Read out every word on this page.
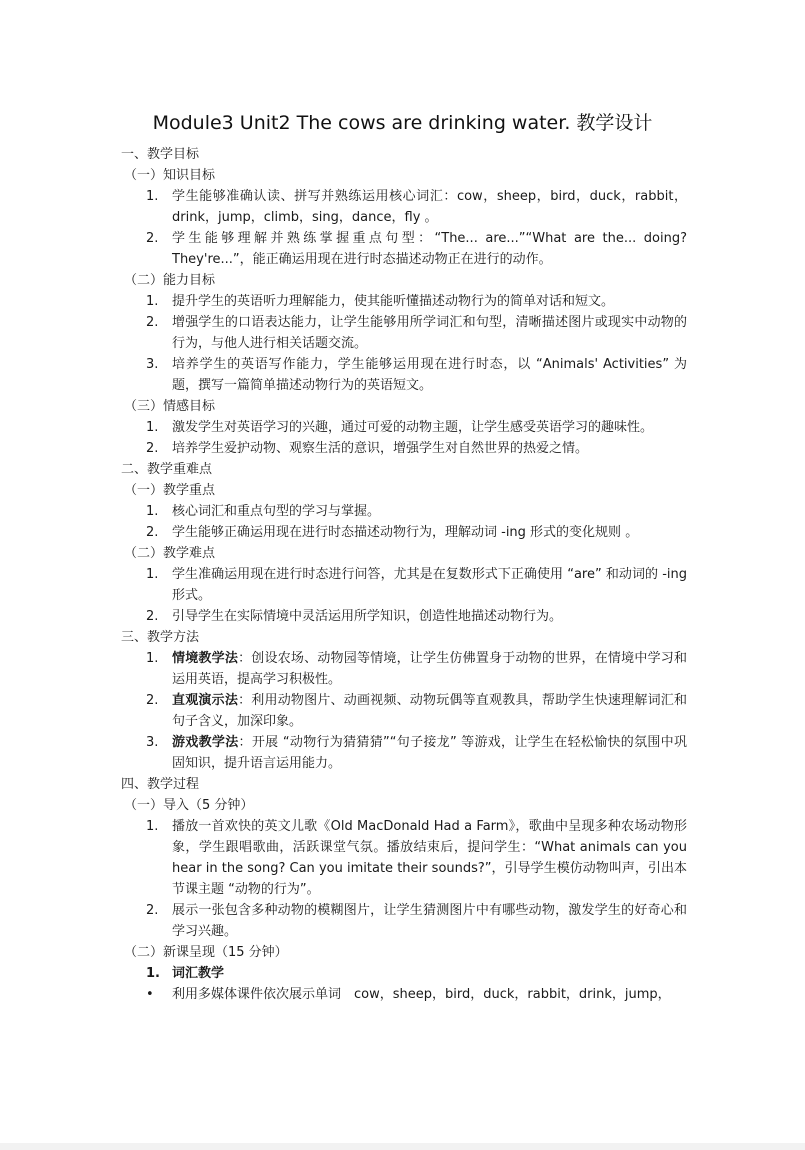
Module3 Unit2 The cows are drinking water. 教学设计
一、教学目标
（一）知识目标
1.	学生能够准确认读、拼写并熟练运用核心词汇：cow，sheep，bird，duck，rabbit，drink，jump，climb，sing，dance，fly 。
2.	学生能够理解并熟练掌握重点句型：“The... are...”“What are the... doing? They're...”，能正确运用现在进行时态描述动物正在进行的动作。
（二）能力目标
1.	提升学生的英语听力理解能力，使其能听懂描述动物行为的简单对话和短文。
2.	增强学生的口语表达能力，让学生能够用所学词汇和句型，清晰描述图片或现实中动物的行为，与他人进行相关话题交流。
3.	培养学生的英语写作能力，学生能够运用现在进行时态，以 “Animals' Activities” 为题，撰写一篇简单描述动物行为的英语短文。
（三）情感目标
1.	激发学生对英语学习的兴趣，通过可爱的动物主题，让学生感受英语学习的趣味性。
2.	培养学生爱护动物、观察生活的意识，增强学生对自然世界的热爱之情。
二、教学重难点
（一）教学重点
1.	核心词汇和重点句型的学习与掌握。
2.	学生能够正确运用现在进行时态描述动物行为，理解动词 -ing 形式的变化规则 。
（二）教学难点
1.	学生准确运用现在进行时态进行问答，尤其是在复数形式下正确使用 “are” 和动词的 -ing 形式。
2.	引导学生在实际情境中灵活运用所学知识，创造性地描述动物行为。
三、教学方法
1.	情境教学法：创设农场、动物园等情境，让学生仿佛置身于动物的世界，在情境中学习和运用英语，提高学习积极性。
2.	直观演示法：利用动物图片、动画视频、动物玩偶等直观教具，帮助学生快速理解词汇和句子含义，加深印象。
3.	游戏教学法：开展 “动物行为猜猜猜”“句子接龙” 等游戏，让学生在轻松愉快的氛围中巩固知识，提升语言运用能力。
四、教学过程
（一）导入（5 分钟）
1.	播放一首欢快的英文儿歌《Old MacDonald Had a Farm》，歌曲中呈现多种农场动物形象，学生跟唱歌曲，活跃课堂气氛。播放结束后，提问学生：“What animals can you hear in the song? Can you imitate their sounds?”，引导学生模仿动物叫声，引出本节课主题 “动物的行为”。
2.	展示一张包含多种动物的模糊图片，让学生猜测图片中有哪些动物，激发学生的好奇心和学习兴趣。
（二）新课呈现（15 分钟）
1. 词汇教学
•	利用多媒体课件依次展示单词　cow，sheep，bird，duck，rabbit，drink，jump，
